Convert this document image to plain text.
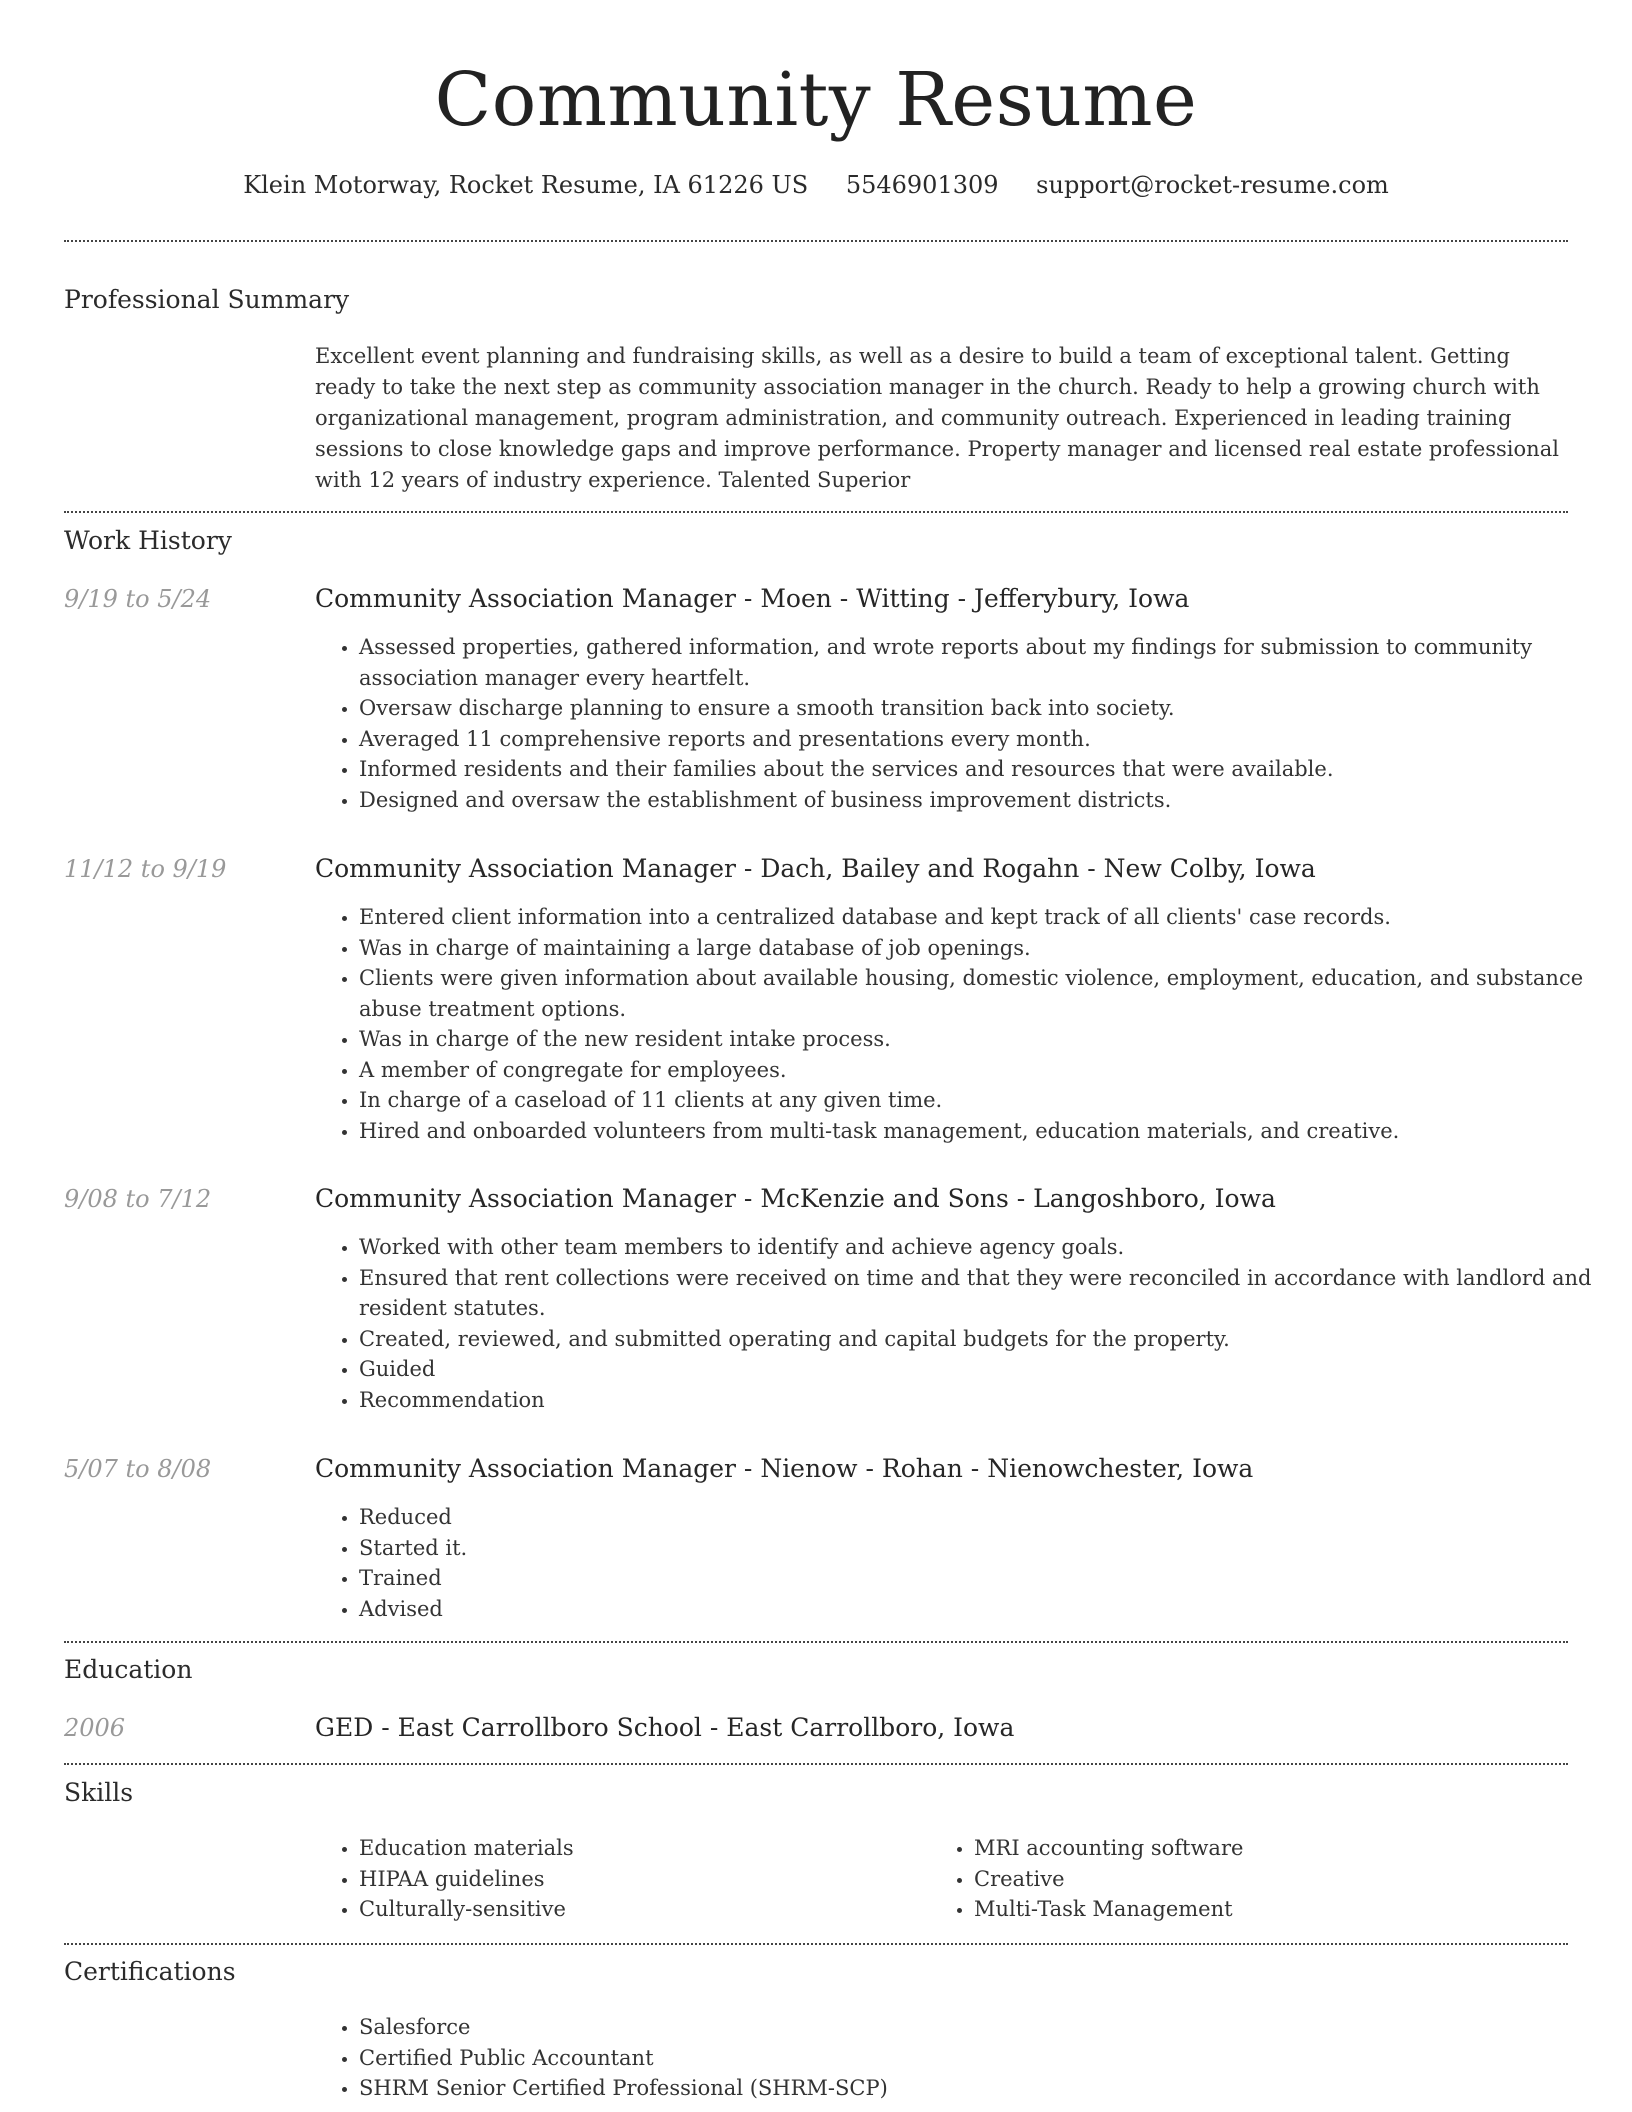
Community Resume
Klein Motorway, Rocket Resume, IA 61226 US 5546901309 support@rocket-resume.com
Professional Summary

Excellent event planning and fundraising skills, as well as a desire to build a team of exceptional talent. Getting ready to take the next step as community association manager in the church. Ready to help a growing church with organizational management, program administration, and community outreach. Experienced in leading training sessions to close knowledge gaps and improve performance. Property manager and licensed real estate professional with 12 years of industry experience. Talented Superior

Work History
9/19 to 5/24	Community Association Manager - Moen - Witting - Jefferybury, Iowa
• Assessed properties, gathered information, and wrote reports about my findings for submission to community association manager every heartfelt.
• Oversaw discharge planning to ensure a smooth transition back into society.
• Averaged 11 comprehensive reports and presentations every month.
• Informed residents and their families about the services and resources that were available.
• Designed and oversaw the establishment of business improvement districts.
11/12 to 9/19	Community Association Manager - Dach, Bailey and Rogahn - New Colby, Iowa
• Entered client information into a centralized database and kept track of all clients' case records.
• Was in charge of maintaining a large database of job openings.
• Clients were given information about available housing, domestic violence, employment, education, and substance abuse treatment options.
• Was in charge of the new resident intake process.
• A member of congregate for employees.
• In charge of a caseload of 11 clients at any given time.
• Hired and onboarded volunteers from multi-task management, education materials, and creative.
9/08 to 7/12	Community Association Manager - McKenzie and Sons - Langoshboro, Iowa
• Worked with other team members to identify and achieve agency goals.
• Ensured that rent collections were received on time and that they were reconciled in accordance with landlord and resident statutes.
• Created, reviewed, and submitted operating and capital budgets for the property.
• Guided
• Recommendation
5/07 to 8/08	Community Association Manager - Nienow - Rohan - Nienowchester, Iowa
• Reduced
• Started it.
• Trained
• Advised
Education
2006	GED - East Carrollboro School - East Carrollboro, Iowa
Skills
• Education materials
• HIPAA guidelines
• Culturally-sensitive
• MRI accounting software
• Creative
• Multi-Task Management
Certifications
• Salesforce
• Certified Public Accountant
• SHRM Senior Certified Professional (SHRM-SCP)
